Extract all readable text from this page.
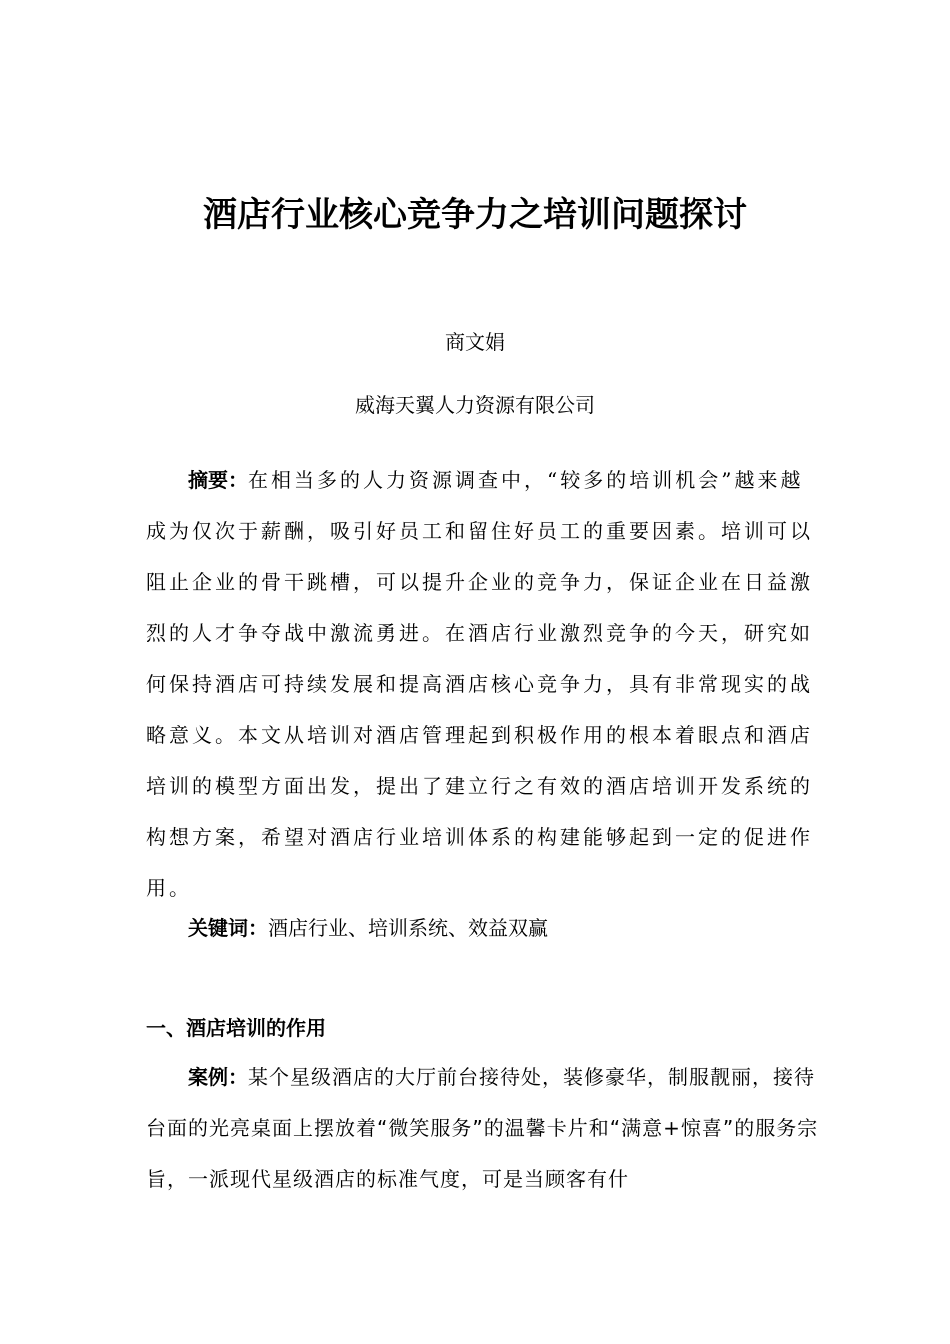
酒店行业核心竞争力之培训问题探讨

商文娟

威海天翼人力资源有限公司

摘要：在相当多的人力资源调查中，“较多的培训机会”越来越成为仅次于薪酬，吸引好员工和留住好员工的重要因素。培训可以阻止企业的骨干跳槽，可以提升企业的竞争力，保证企业在日益激烈的人才争夺战中激流勇进。在酒店行业激烈竞争的今天，研究如何保持酒店可持续发展和提高酒店核心竞争力，具有非常现实的战略意义。本文从培训对酒店管理起到积极作用的根本着眼点和酒店培训的模型方面出发，提出了建立行之有效的酒店培训开发系统的构想方案，希望对酒店行业培训体系的构建能够起到一定的促进作用。

关键词：酒店行业、培训系统、效益双赢

一、酒店培训的作用

案例：某个星级酒店的大厅前台接待处，装修豪华，制服靓丽，接待台面的光亮桌面上摆放着“微笑服务”的温馨卡片和“满意+惊喜”的服务宗旨，一派现代星级酒店的标准气度，可是当顾客有什
